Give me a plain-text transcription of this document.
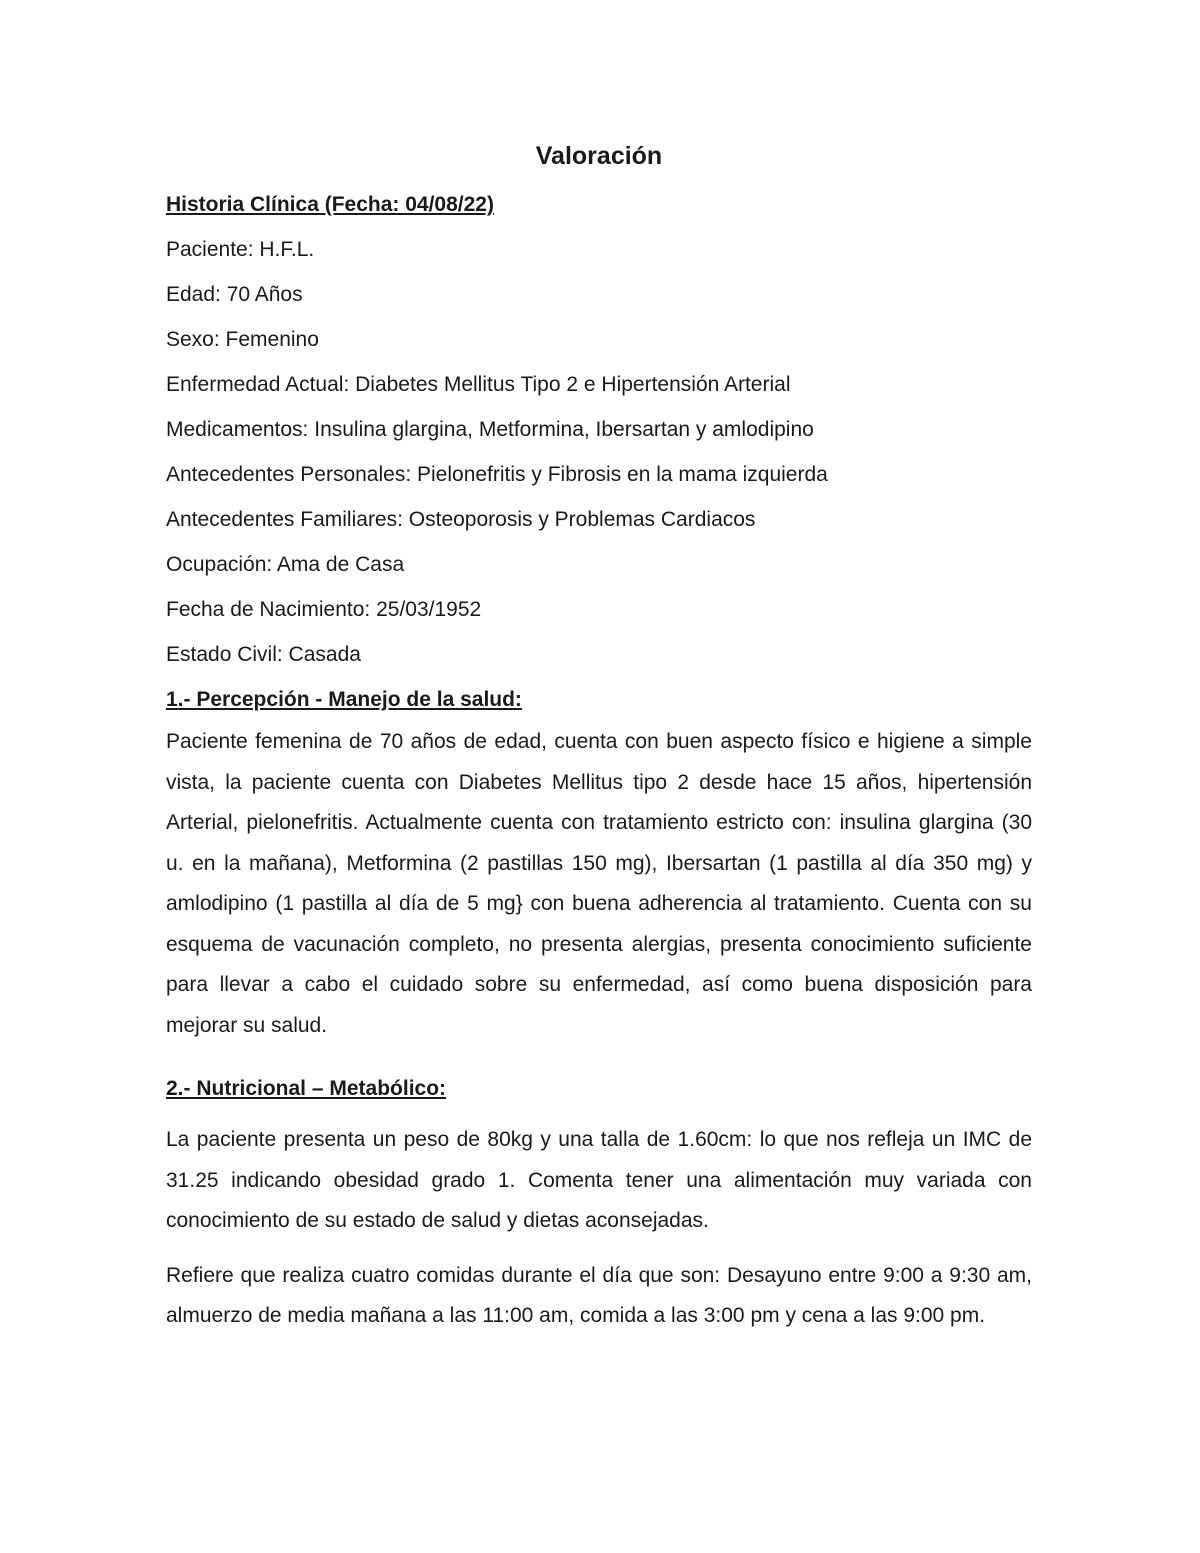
Valoración
Historia Clínica (Fecha: 04/08/22)
Paciente: H.F.L.
Edad: 70 Años
Sexo: Femenino
Enfermedad Actual: Diabetes Mellitus Tipo 2 e Hipertensión Arterial
Medicamentos: Insulina glargina, Metformina, Ibersartan y amlodipino
Antecedentes Personales: Pielonefritis y Fibrosis en la mama izquierda
Antecedentes Familiares: Osteoporosis y Problemas Cardiacos
Ocupación: Ama de Casa
Fecha de Nacimiento: 25/03/1952
Estado Civil: Casada
1.- Percepción - Manejo de la salud:

Paciente femenina de 70 años de edad, cuenta con buen aspecto físico e higiene a simple vista, la paciente cuenta con Diabetes Mellitus tipo 2 desde hace 15 años, hipertensión Arterial, pielonefritis. Actualmente cuenta con tratamiento estricto con: insulina glargina (30 u. en la mañana), Metformina (2 pastillas 150 mg), Ibersartan (1 pastilla al día 350 mg) y amlodipino (1 pastilla al día de 5 mg} con buena adherencia al tratamiento. Cuenta con su esquema de vacunación completo, no presenta alergias, presenta conocimiento suficiente para llevar a cabo el cuidado sobre su enfermedad, así como buena disposición para mejorar su salud.

2.- Nutricional – Metabólico:

La paciente presenta un peso de 80kg y una talla de 1.60cm: lo que nos refleja un IMC de 31.25 indicando obesidad grado 1. Comenta tener una alimentación muy variada con conocimiento de su estado de salud y dietas aconsejadas.

Refiere que realiza cuatro comidas durante el día que son: Desayuno entre 9:00 a 9:30 am, almuerzo de media mañana a las 11:00 am, comida a las 3:00 pm y cena a las 9:00 pm.
